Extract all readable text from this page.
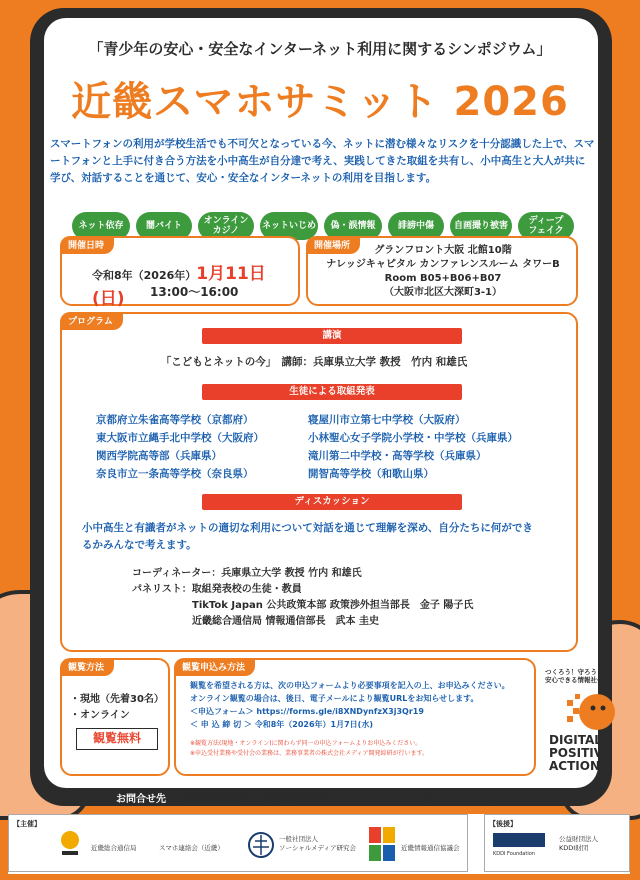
「青少年の安心・安全なインターネット利用に関するシンポジウム」
近畿スマホサミット 2026
スマートフォンの利用が学校生活でも不可欠となっている今、ネットに潜む様々なリスクを十分認識した上で、スマートフォンと上手に付き合う方法を小中高生が自分達で考え、実践してきた取組を共有し、小中高生と大人が共に学び、対話することを通じて、安心・安全なインターネットの利用を目指します。
ネット依存	闇バイト	オンライン
カジノ	ネットいじめ	偽・誤情報	誹謗中傷	自画撮り被害	ディープ
フェイク
開催日時
令和8年（2026年）1月11日(日)	13:00〜16:00
開催場所	グランフロント大阪 北館10階
ナレッジキャピタル カンファレンスルーム タワーB
Room B05+B06+B07
（大阪市北区大深町3-1）
プログラム
講演
「こどもとネットの今」　講師：兵庫県立大学 教授　竹内 和雄氏
生徒による取組発表
京都府立朱雀高等学校（京都府）
東大阪市立縄手北中学校（大阪府）
関西学院高等部（兵庫県）
奈良市立一条高等学校（奈良県）
寝屋川市立第七中学校（大阪府）
小林聖心女子学院小学校・中学校（兵庫県）
滝川第二中学校・高等学校（兵庫県）
開智高等学校（和歌山県）
ディスカッション
小中高生と有識者がネットの適切な利用について対話を通じて理解を深め、自分たちに何ができるかみんなで考えます。
コーディネーター：兵庫県立大学 教授 竹内 和雄氏
パネリスト：取組発表校の生徒・教員
TikTok Japan 公共政策本部 政策渉外担当部長　金子 陽子氏
近畿総合通信局 情報通信部長　武本 圭史
観覧方法
・現地（先着30名）
・オンライン
観覧無料
観覧申込み方法
観覧を希望される方は、次の申込フォームより必要事項を記入の上、お申込みください。
オンライン観覧の場合は、後日、電子メールにより観覧URLをお知らせします。
＜申込フォーム＞ https://forms.gle/i8XNDynfzX3j3Qr19
＜ 申 込 締 切 ＞ 令和8年（2026年）1月7日(水)
※観覧方法(現地・オンライン)に関わらず同一の申込フォームよりお申込みください。
※申込受付業務や受付会の業務は、業務事業者の株式会社メディア開発綜研が行います。
つくろう！守ろう！
安心できる情報社会
DIGITAL
POSITIVE
ACTION
お問合せ先 近畿総合通信局　電気通信事業課 sumaho-kinki@soumu.go.jp
【主催】
近畿総合通信局	スマホ連絡会（近畿）
一般社団法人
ソーシャルメディア研究会	近畿情報通信協議会
【後援】
KDDI Foundation
公益財団法人
KDDI財団
